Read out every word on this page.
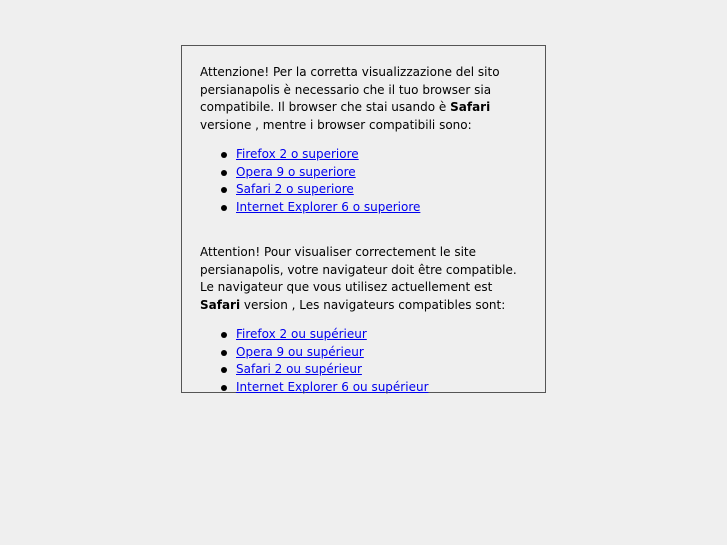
Attenzione! Per la corretta visualizzazione del sito persianapolis è necessario che il tuo browser sia compatibile. Il browser che stai usando è Safari versione , mentre i browser compatibili sono:

Firefox 2 o superiore
Opera 9 o superiore
Safari 2 o superiore
Internet Explorer 6 o superiore

Attention! Pour visualiser correctement le site persianapolis, votre navigateur doit être compatible. Le navigateur que vous utilisez actuellement est Safari version , Les navigateurs compatibles sont:

Firefox 2 ou supérieur
Opera 9 ou supérieur
Safari 2 ou supérieur
Internet Explorer 6 ou supérieur
